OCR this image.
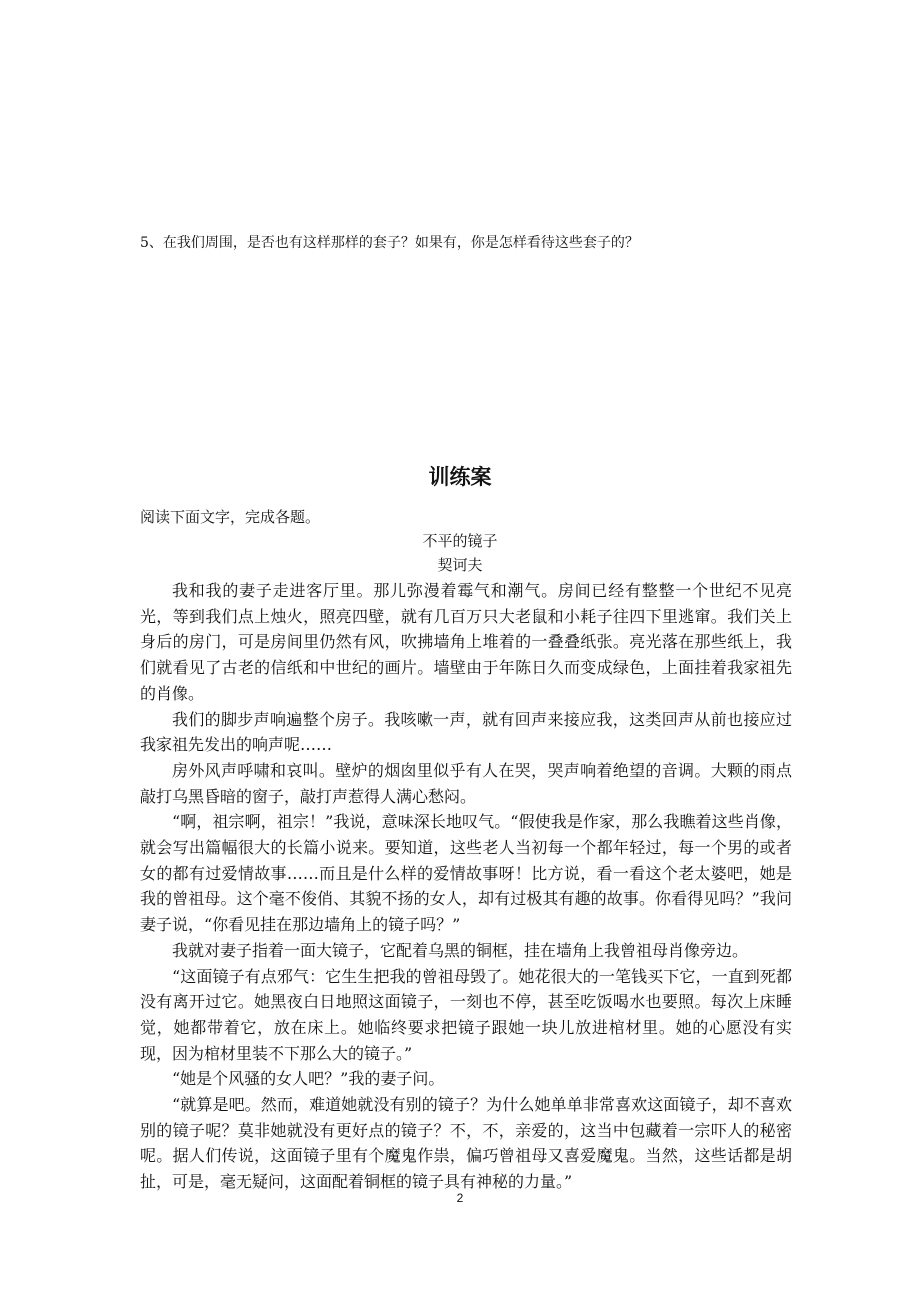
5、在我们周围，是否也有这样那样的套子？如果有，你是怎样看待这些套子的？
训练案
阅读下面文字，完成各题。
不平的镜子
契诃夫

我和我的妻子走进客厅里。那儿弥漫着霉气和潮气。房间已经有整整一个世纪不见亮光，等到我们点上烛火，照亮四壁，就有几百万只大老鼠和小耗子往四下里逃窜。我们关上身后的房门，可是房间里仍然有风，吹拂墙角上堆着的一叠叠纸张。亮光落在那些纸上，我们就看见了古老的信纸和中世纪的画片。墙壁由于年陈日久而变成绿色，上面挂着我家祖先的肖像。

我们的脚步声响遍整个房子。我咳嗽一声，就有回声来接应我，这类回声从前也接应过我家祖先发出的响声呢……

房外风声呼啸和哀叫。壁炉的烟囱里似乎有人在哭，哭声响着绝望的音调。大颗的雨点敲打乌黑昏暗的窗子，敲打声惹得人满心愁闷。

“啊，祖宗啊，祖宗！”我说，意味深长地叹气。“假使我是作家，那么我瞧着这些肖像，就会写出篇幅很大的长篇小说来。要知道，这些老人当初每一个都年轻过，每一个男的或者女的都有过爱情故事……而且是什么样的爱情故事呀！比方说，看一看这个老太婆吧，她是我的曾祖母。这个毫不俊俏、其貌不扬的女人，却有过极其有趣的故事。你看得见吗？”我问妻子说，“你看见挂在那边墙角上的镜子吗？”

我就对妻子指着一面大镜子，它配着乌黑的铜框，挂在墙角上我曾祖母肖像旁边。

“这面镜子有点邪气：它生生把我的曾祖母毁了。她花很大的一笔钱买下它，一直到死都没有离开过它。她黑夜白日地照这面镜子，一刻也不停，甚至吃饭喝水也要照。每次上床睡觉，她都带着它，放在床上。她临终要求把镜子跟她一块儿放进棺材里。她的心愿没有实现，因为棺材里装不下那么大的镜子。”

“她是个风骚的女人吧？”我的妻子问。

“就算是吧。然而，难道她就没有别的镜子？为什么她单单非常喜欢这面镜子，却不喜欢别的镜子呢？莫非她就没有更好点的镜子？不，不，亲爱的，这当中包藏着一宗吓人的秘密呢。据人们传说，这面镜子里有个魔鬼作祟，偏巧曾祖母又喜爱魔鬼。当然，这些话都是胡扯，可是，毫无疑问，这面配着铜框的镜子具有神秘的力量。”

2
